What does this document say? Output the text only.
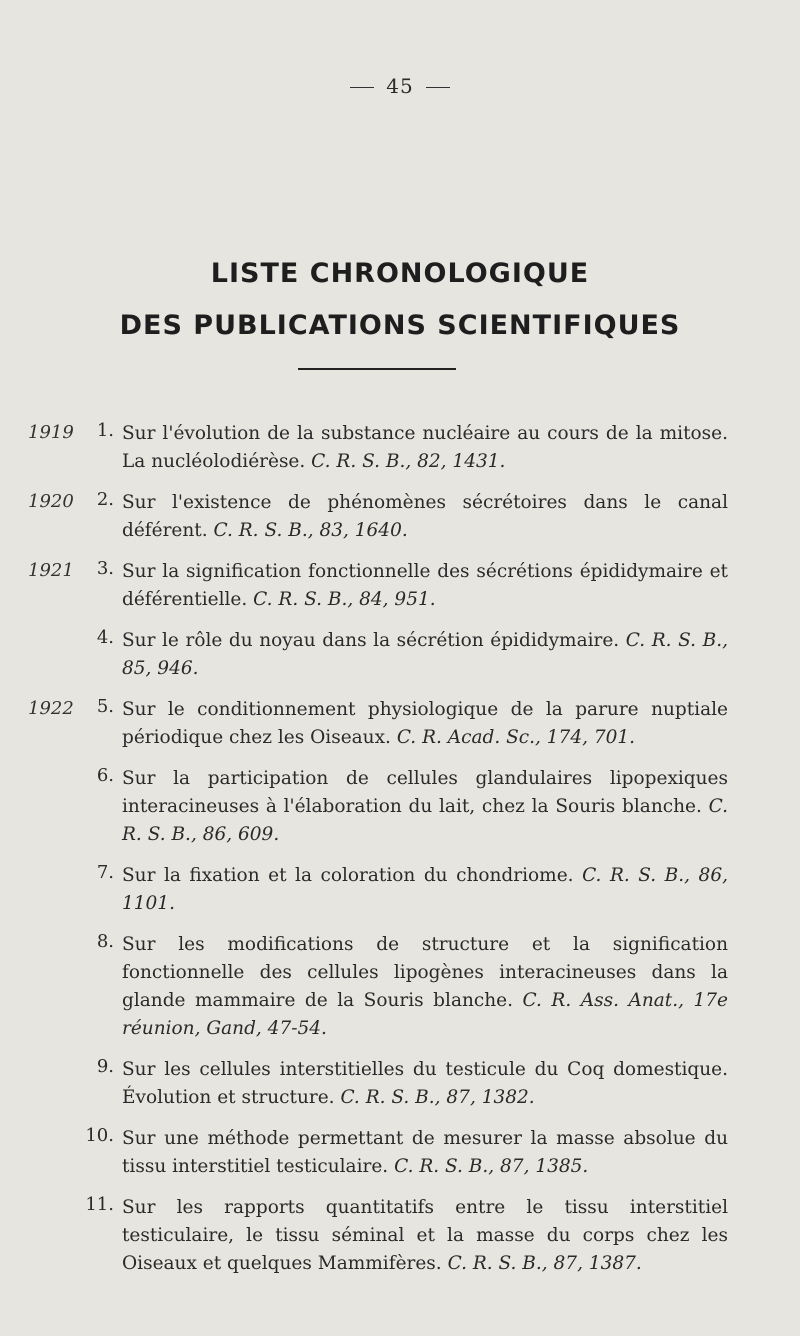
45
LISTE CHRONOLOGIQUE
DES PUBLICATIONS SCIENTIFIQUES
1919	1. Sur l'évolution de la substance nucléaire au cours de la mitose. La nucléolodiérèse. C. R. S. B., 82, 1431.
1920	2. Sur l'existence de phénomènes sécrétoires dans le canal déférent. C. R. S. B., 83, 1640.
1921	3. Sur la signification fonctionnelle des sécrétions épididymaire et déférentielle. C. R. S. B., 84, 951.
4. Sur le rôle du noyau dans la sécrétion épididymaire. C. R. S. B., 85, 946.
1922	5. Sur le conditionnement physiologique de la parure nuptiale périodique chez les Oiseaux. C. R. Acad. Sc., 174, 701.
6. Sur la participation de cellules glandulaires lipopexiques interacineuses à l'élaboration du lait, chez la Souris blanche. C. R. S. B., 86, 609.
7. Sur la fixation et la coloration du chondriome. C. R. S. B., 86, 1101.
8. Sur les modifications de structure et la signification fonctionnelle des cellules lipogènes interacineuses dans la glande mammaire de la Souris blanche. C. R. Ass. Anat., 17e réunion, Gand, 47-54.
9. Sur les cellules interstitielles du testicule du Coq domestique. Évolution et structure. C. R. S. B., 87, 1382.
10. Sur une méthode permettant de mesurer la masse absolue du tissu interstitiel testiculaire. C. R. S. B., 87, 1385.
11. Sur les rapports quantitatifs entre le tissu interstitiel testiculaire, le tissu séminal et la masse du corps chez les Oiseaux et quelques Mammifères. C. R. S. B., 87, 1387.
